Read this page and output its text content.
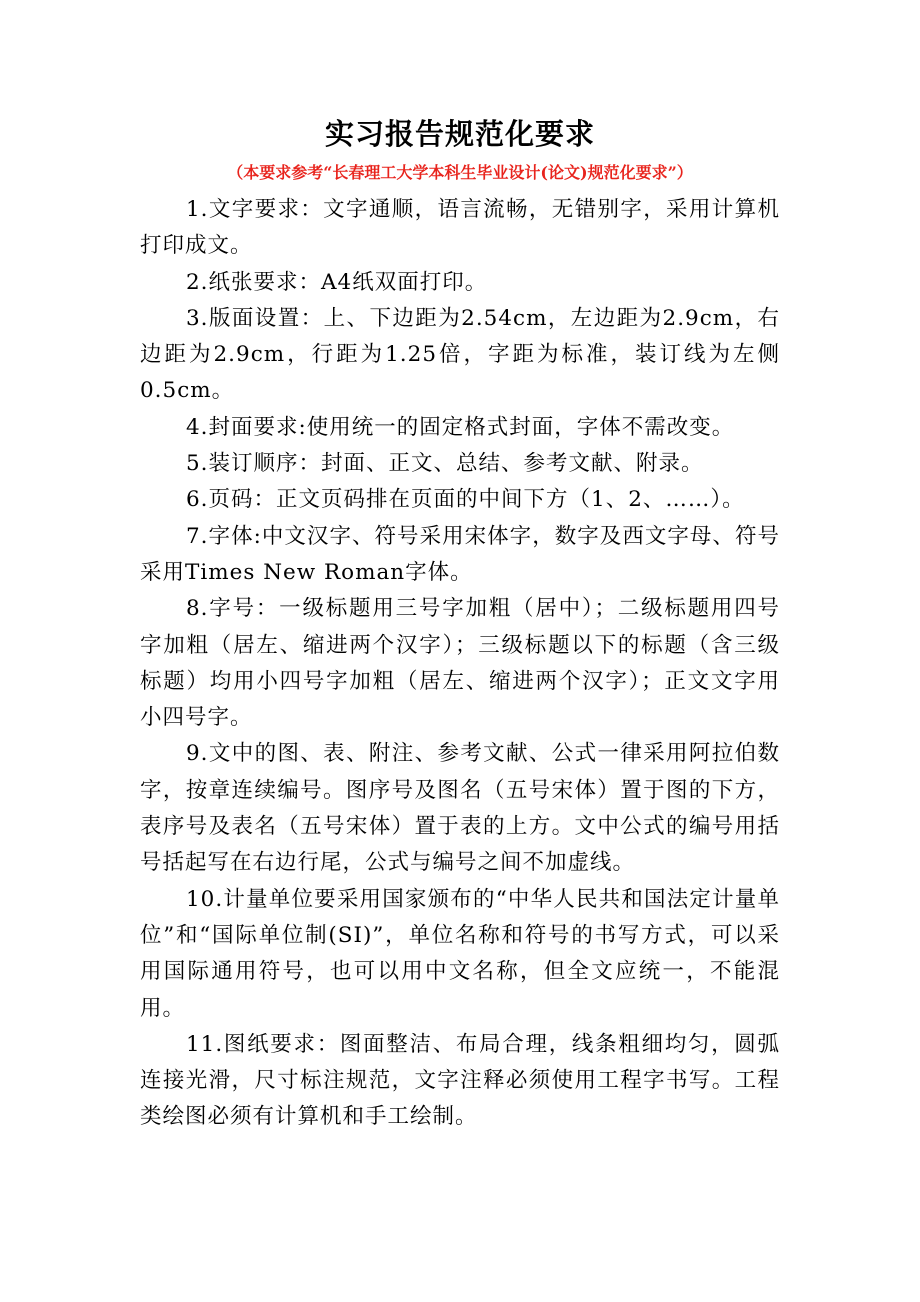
实习报告规范化要求

（本要求参考“长春理工大学本科生毕业设计(论文)规范化要求”）

1.文字要求：文字通顺，语言流畅，无错别字，采用计算机打印成文。

2.纸张要求：A4纸双面打印。

3.版面设置：上、下边距为2.54cm，左边距为2.9cm，右边距为2.9cm，行距为1.25倍，字距为标准，装订线为左侧0.5cm。

4.封面要求:使用统一的固定格式封面，字体不需改变。

5.装订顺序：封面、正文、总结、参考文献、附录。

6.页码：正文页码排在页面的中间下方（1、2、……）。

7.字体:中文汉字、符号采用宋体字，数字及西文字母、符号采用Times New Roman字体。

8.字号：一级标题用三号字加粗（居中）；二级标题用四号字加粗（居左、缩进两个汉字）；三级标题以下的标题（含三级标题）均用小四号字加粗（居左、缩进两个汉字）；正文文字用小四号字。

9.文中的图、表、附注、参考文献、公式一律采用阿拉伯数字，按章连续编号。图序号及图名（五号宋体）置于图的下方，表序号及表名（五号宋体）置于表的上方。文中公式的编号用括号括起写在右边行尾，公式与编号之间不加虚线。

10.计量单位要采用国家颁布的“中华人民共和国法定计量单位”和“国际单位制(SI)”，单位名称和符号的书写方式，可以采用国际通用符号，也可以用中文名称，但全文应统一，不能混用。

11.图纸要求：图面整洁、布局合理，线条粗细均匀，圆弧连接光滑，尺寸标注规范，文字注释必须使用工程字书写。工程类绘图必须有计算机和手工绘制。
